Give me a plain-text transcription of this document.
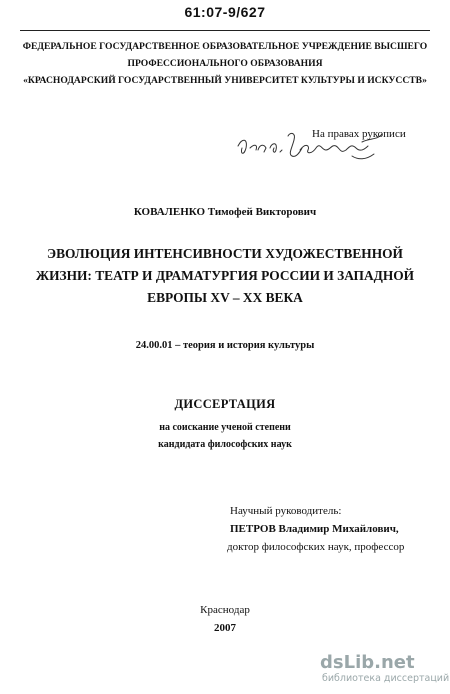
61:07-9/627
ФЕДЕРАЛЬНОЕ ГОСУДАРСТВЕННОЕ ОБРАЗОВАТЕЛЬНОЕ УЧРЕЖДЕНИЕ ВЫСШЕГО
ПРОФЕССИОНАЛЬНОГО ОБРАЗОВАНИЯ
«КРАСНОДАРСКИЙ ГОСУДАРСТВЕННЫЙ УНИВЕРСИТЕТ КУЛЬТУРЫ И ИСКУССТВ»
На правах рукописи
КОВАЛЕНКО Тимофей Викторович
ЭВОЛЮЦИЯ ИНТЕНСИВНОСТИ ХУДОЖЕСТВЕННОЙ
ЖИЗНИ: ТЕАТР И ДРАМАТУРГИЯ РОССИИ И ЗАПАДНОЙ
ЕВРОПЫ XV – XX ВЕКА
24.00.01 – теория и история культуры
ДИССЕРТАЦИЯ
на соискание ученой степени
кандидата философских наук
Научный руководитель:
ПЕТРОВ Владимир Михайлович,
доктор философских наук, профессор
Краснодар
2007
dsLib.net
библиотека диссертаций
